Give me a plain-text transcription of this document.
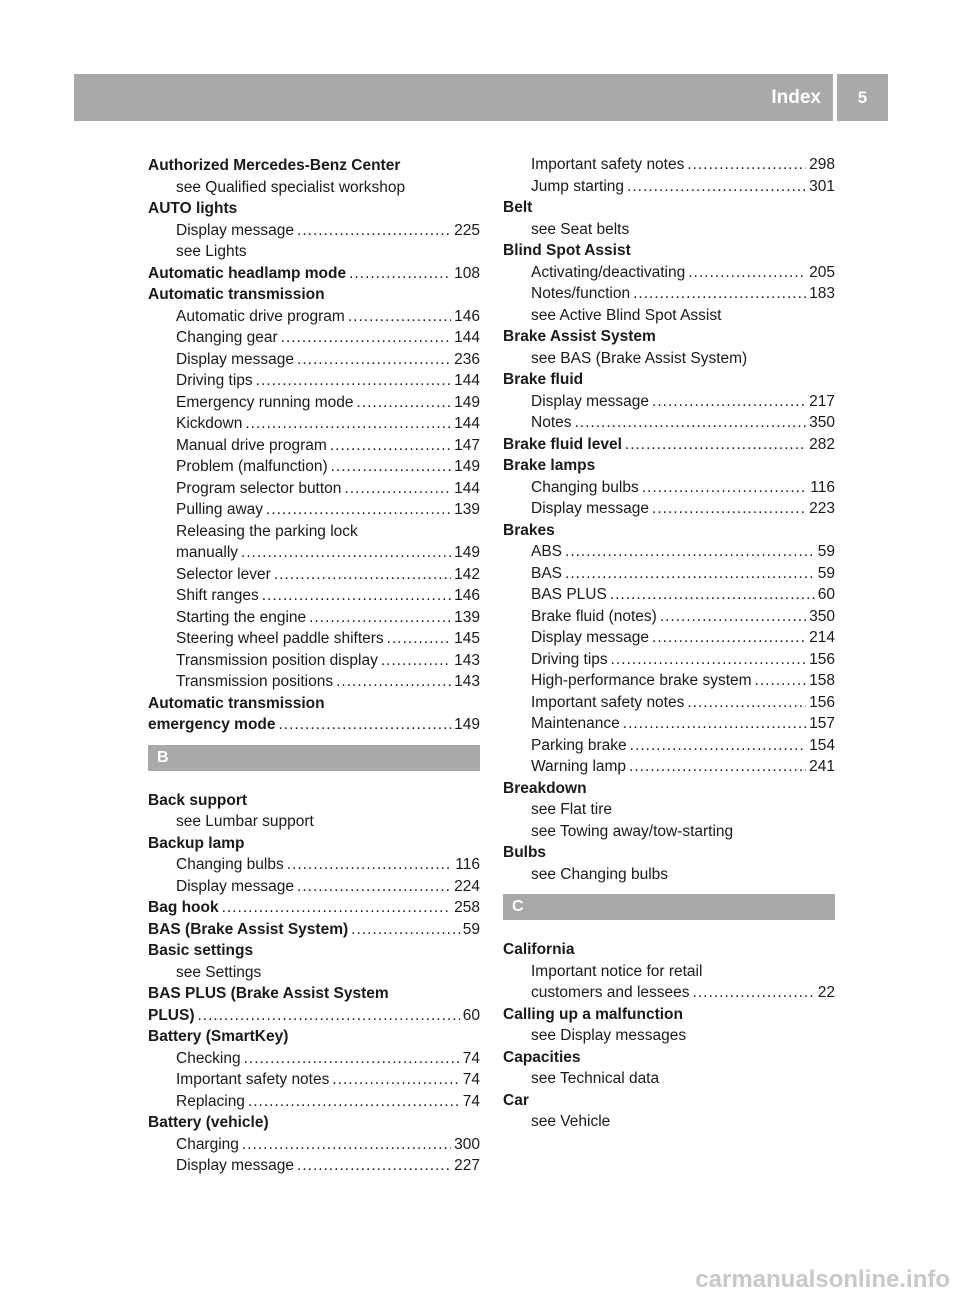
Index	5
Authorized Mercedes-Benz Center
see Qualified specialist workshop
AUTO lights
Display message .....	225
see Lights
Automatic headlamp mode .....	108
Automatic transmission
Automatic drive program .....	146
Changing gear .....	144
Display message .....	236
Driving tips .....	144
Emergency running mode .....	149
Kickdown .....	144
Manual drive program .....	147
Problem (malfunction) .....	149
Program selector button .....	144
Pulling away .....	139
Releasing the parking lock
manually .....	149
Selector lever .....	142
Shift ranges .....	146
Starting the engine .....	139
Steering wheel paddle shifters .....	145
Transmission position display .....	143
Transmission positions .....	143
Automatic transmission
emergency mode .....	149
B
Back support
see Lumbar support
Backup lamp
Changing bulbs .....	116
Display message .....	224
Bag hook .....	258
BAS (Brake Assist System) .....	59
Basic settings
see Settings
BAS PLUS (Brake Assist System
PLUS) .....	60
Battery (SmartKey)
Checking .....	74
Important safety notes .....	74
Replacing .....	74
Battery (vehicle)
Charging .....	300
Display message .....	227
Important safety notes .....	298
Jump starting .....	301
Belt
see Seat belts
Blind Spot Assist
Activating/deactivating .....	205
Notes/function .....	183
see Active Blind Spot Assist
Brake Assist System
see BAS (Brake Assist System)
Brake fluid
Display message .....	217
Notes .....	350
Brake fluid level .....	282
Brake lamps
Changing bulbs .....	116
Display message .....	223
Brakes
ABS .....	59
BAS .....	59
BAS PLUS .....	60
Brake fluid (notes) .....	350
Display message .....	214
Driving tips .....	156
High-performance brake system .....	158
Important safety notes .....	156
Maintenance .....	157
Parking brake .....	154
Warning lamp .....	241
Breakdown
see Flat tire
see Towing away/tow-starting
Bulbs
see Changing bulbs
C
California
Important notice for retail
customers and lessees .....	22
Calling up a malfunction
see Display messages
Capacities
see Technical data
Car
see Vehicle
carmanualsonline.info
